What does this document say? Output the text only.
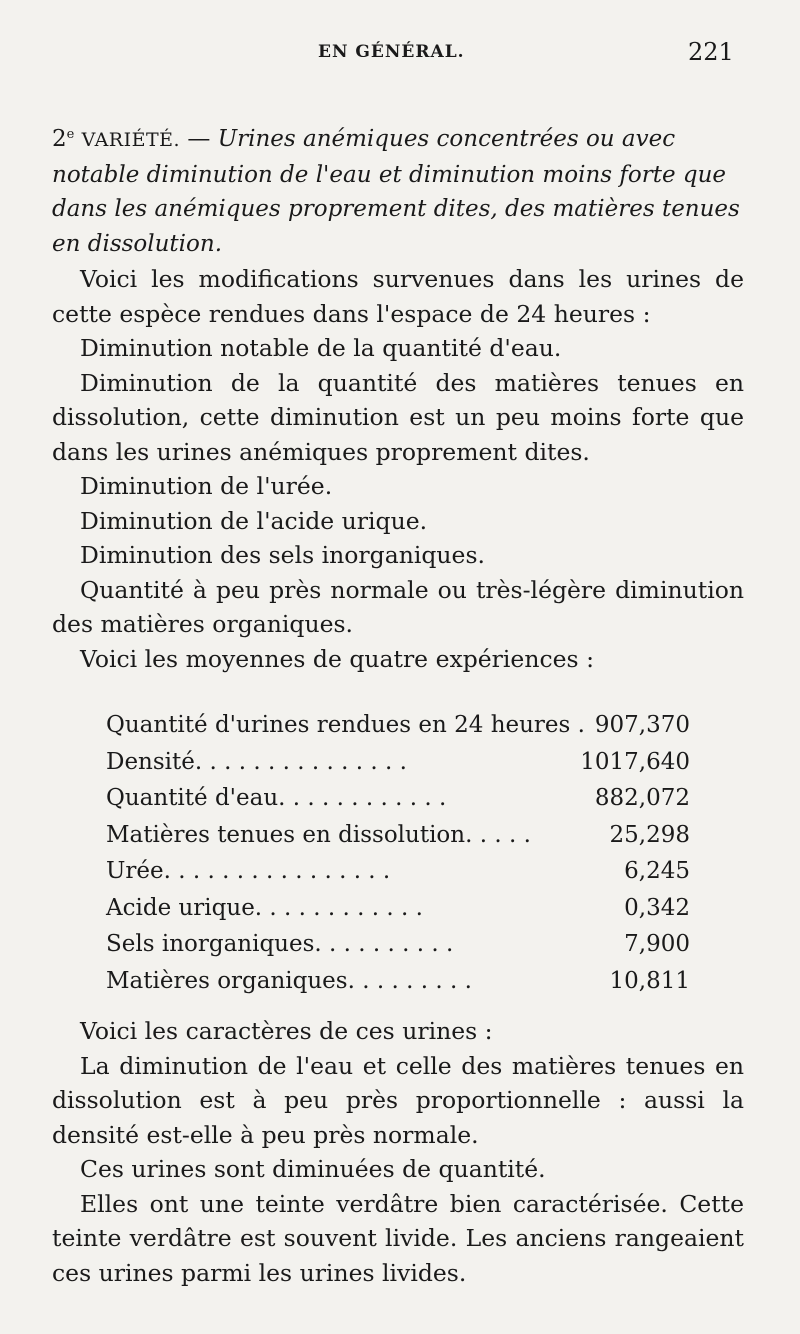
EN GÉNÉRAL.	221
2e VARIÉTÉ. — Urines anémiques concentrées ou avec notable diminution de l'eau et diminution moins forte que dans les anémiques proprement dites, des matières tenues en dissolution.
Voici les modifications survenues dans les urines de cette espèce rendues dans l'espace de 24 heures :
Diminution notable de la quantité d'eau.
Diminution de la quantité des matières tenues en dissolution, cette diminution est un peu moins forte que dans les urines anémiques proprement dites.
Diminution de l'urée.
Diminution de l'acide urique.
Diminution des sels inorganiques.
Quantité à peu près normale ou très-légère diminution des matières organiques.
Voici les moyennes de quatre expériences :
Quantité d'urines rendues en 24 heures . 907,370
Densité. . . . . . . . . . . . . . .	1017,640
Quantité d'eau. . . . . . . . . . . .	882,072
Matières tenues en dissolution. . . . .	25,298
Urée. . . . . . . . . . . . . . . .	6,245
Acide urique. . . . . . . . . . . .	0,342
Sels inorganiques. . . . . . . . . .	7,900
Matières organiques. . . . . . . . .	10,811
Voici les caractères de ces urines :
La diminution de l'eau et celle des matières tenues en dissolution est à peu près proportionnelle : aussi la densité est-elle à peu près normale.
Ces urines sont diminuées de quantité.
Elles ont une teinte verdâtre bien caractérisée. Cette teinte verdâtre est souvent livide. Les anciens rangeaient ces urines parmi les urines livides.
